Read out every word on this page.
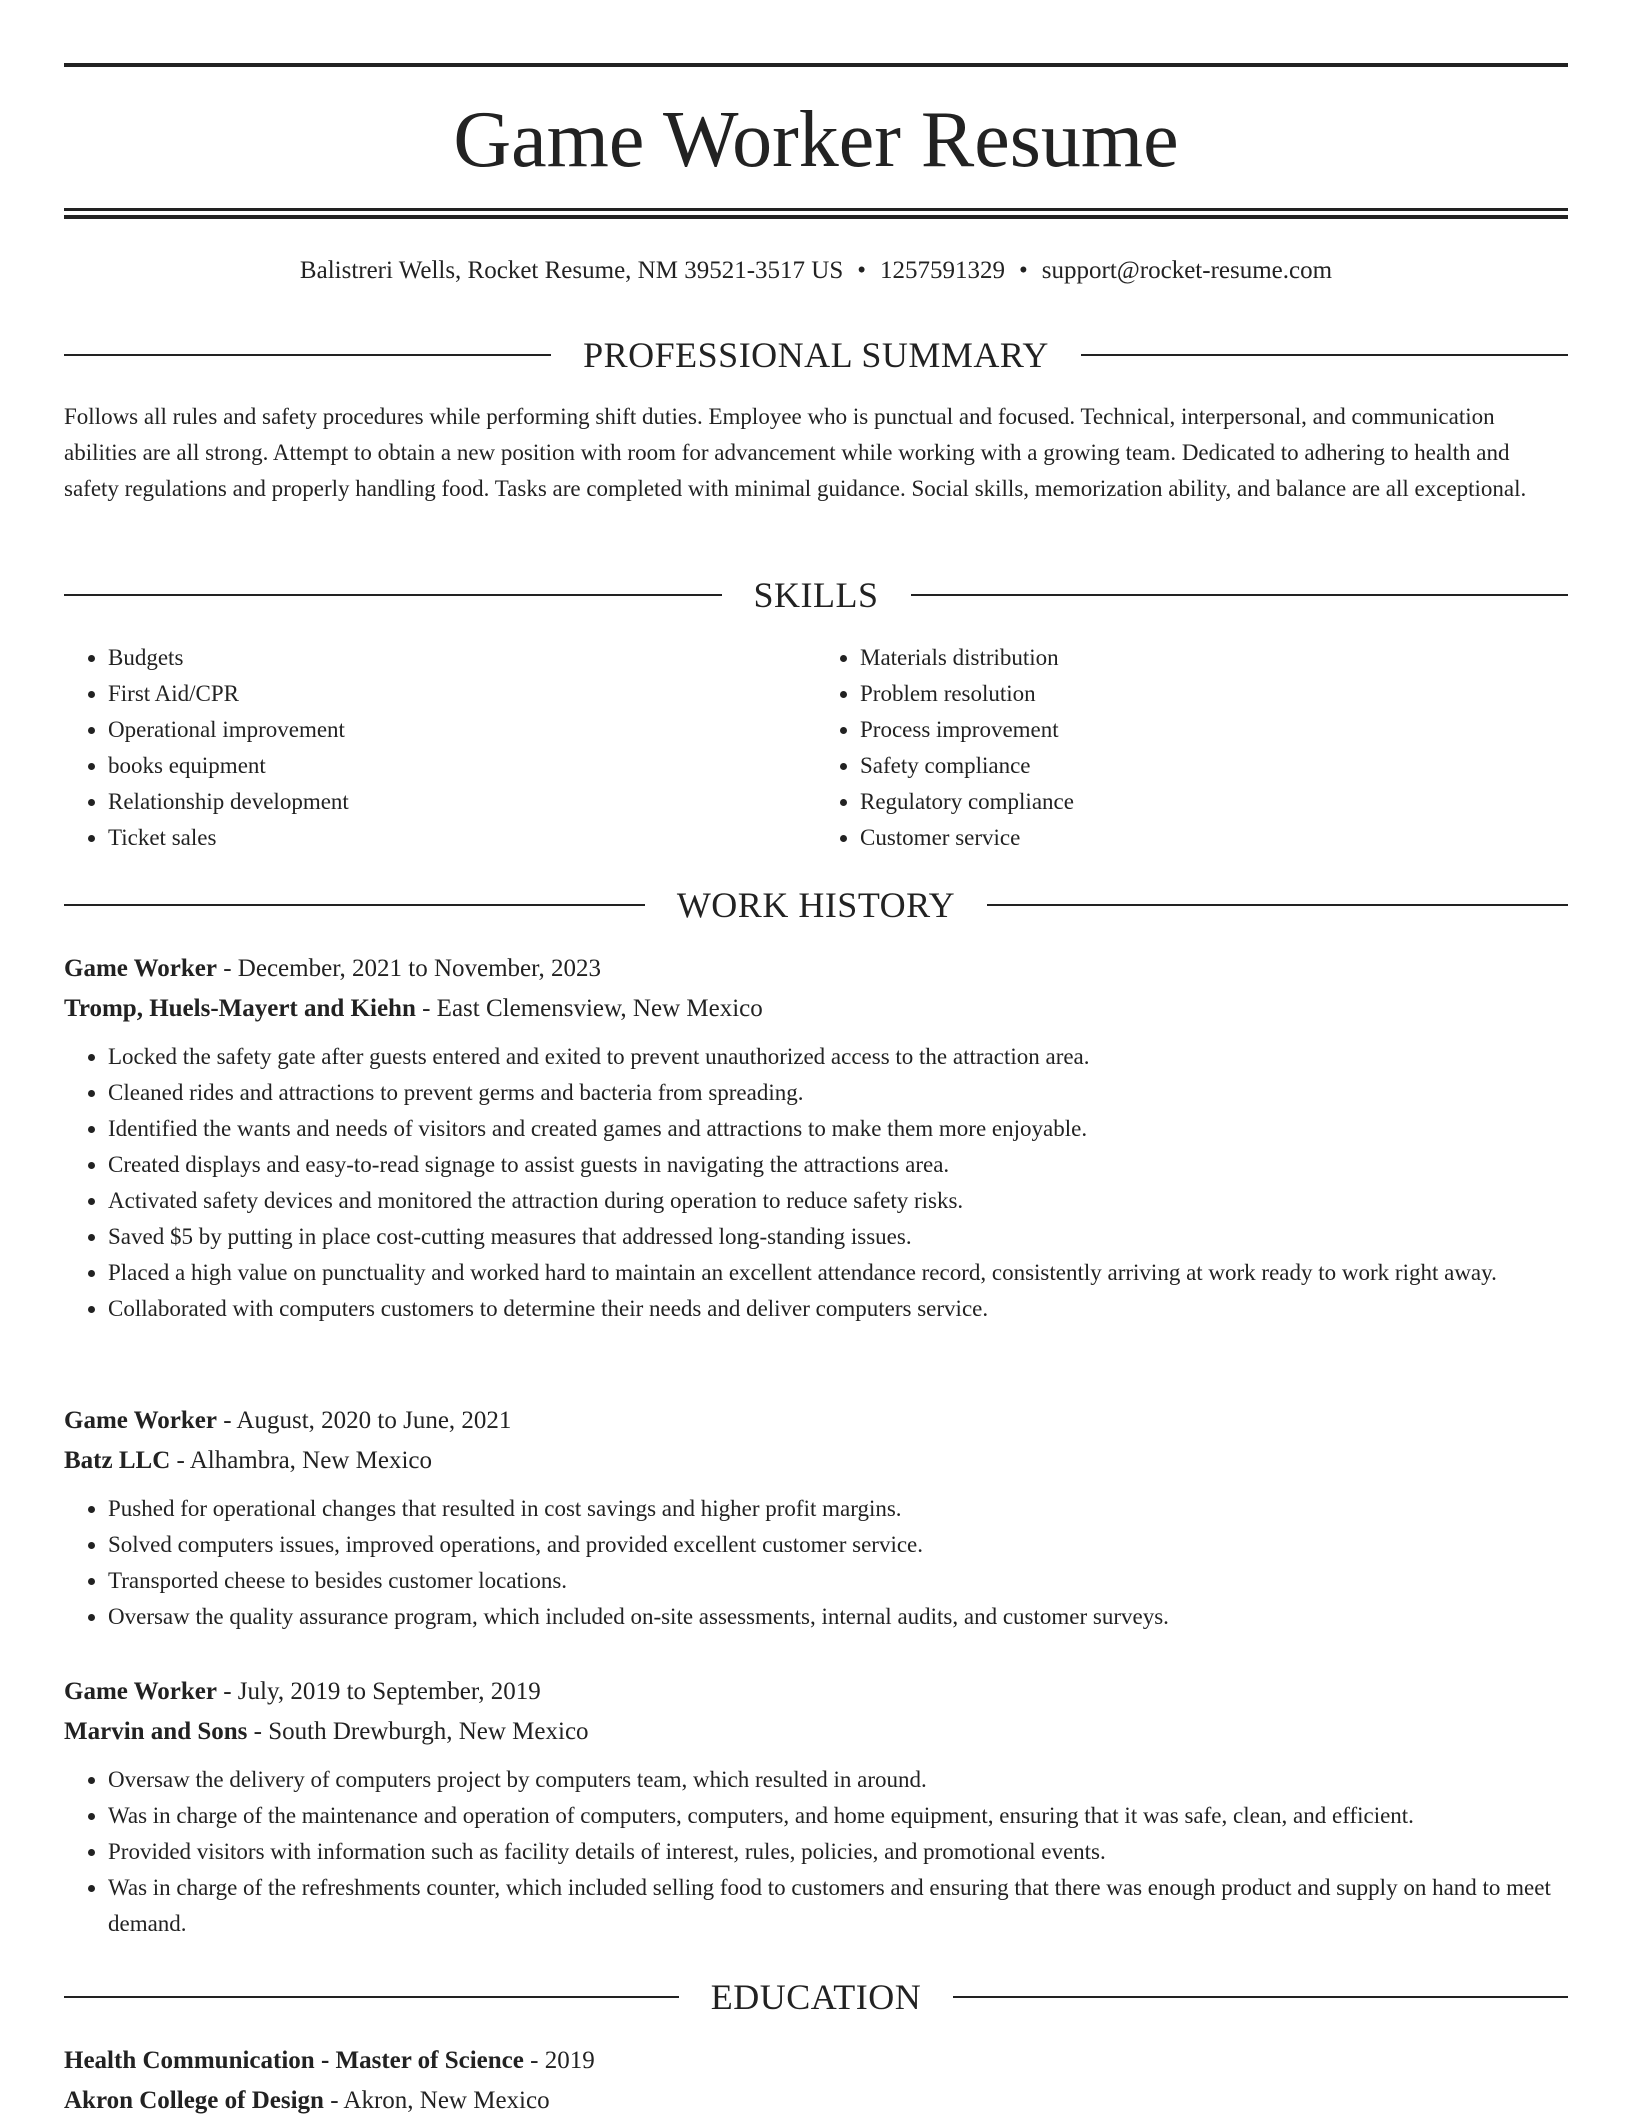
Game Worker Resume
Balistreri Wells, Rocket Resume, NM 39521-3517 US • 1257591329 • support@rocket-resume.com
PROFESSIONAL SUMMARY

Follows all rules and safety procedures while performing shift duties. Employee who is punctual and focused. Technical, interpersonal, and communication abilities are all strong. Attempt to obtain a new position with room for advancement while working with a growing team. Dedicated to adhering to health and safety regulations and properly handling food. Tasks are completed with minimal guidance. Social skills, memorization ability, and balance are all exceptional.

SKILLS
• Budgets
• First Aid/CPR
• Operational improvement
• books equipment
• Relationship development
• Ticket sales
• Materials distribution
• Problem resolution
• Process improvement
• Safety compliance
• Regulatory compliance
• Customer service
WORK HISTORY

Game Worker - December, 2021 to November, 2023

Tromp, Huels-Mayert and Kiehn - East Clemensview, New Mexico

• Locked the safety gate after guests entered and exited to prevent unauthorized access to the attraction area.
• Cleaned rides and attractions to prevent germs and bacteria from spreading.
• Identified the wants and needs of visitors and created games and attractions to make them more enjoyable.
• Created displays and easy-to-read signage to assist guests in navigating the attractions area.
• Activated safety devices and monitored the attraction during operation to reduce safety risks.
• Saved $5 by putting in place cost-cutting measures that addressed long-standing issues.
• Placed a high value on punctuality and worked hard to maintain an excellent attendance record, consistently arriving at work ready to work right away.
• Collaborated with computers customers to determine their needs and deliver computers service.

Game Worker - August, 2020 to June, 2021

Batz LLC - Alhambra, New Mexico

• Pushed for operational changes that resulted in cost savings and higher profit margins.
• Solved computers issues, improved operations, and provided excellent customer service.
• Transported cheese to besides customer locations.
• Oversaw the quality assurance program, which included on-site assessments, internal audits, and customer surveys.

Game Worker - July, 2019 to September, 2019

Marvin and Sons - South Drewburgh, New Mexico

• Oversaw the delivery of computers project by computers team, which resulted in around.
• Was in charge of the maintenance and operation of computers, computers, and home equipment, ensuring that it was safe, clean, and efficient.
• Provided visitors with information such as facility details of interest, rules, policies, and promotional events.
• Was in charge of the refreshments counter, which included selling food to customers and ensuring that there was enough product and supply on hand to meet demand.
EDUCATION

Health Communication - Master of Science - 2019

Akron College of Design - Akron, New Mexico
